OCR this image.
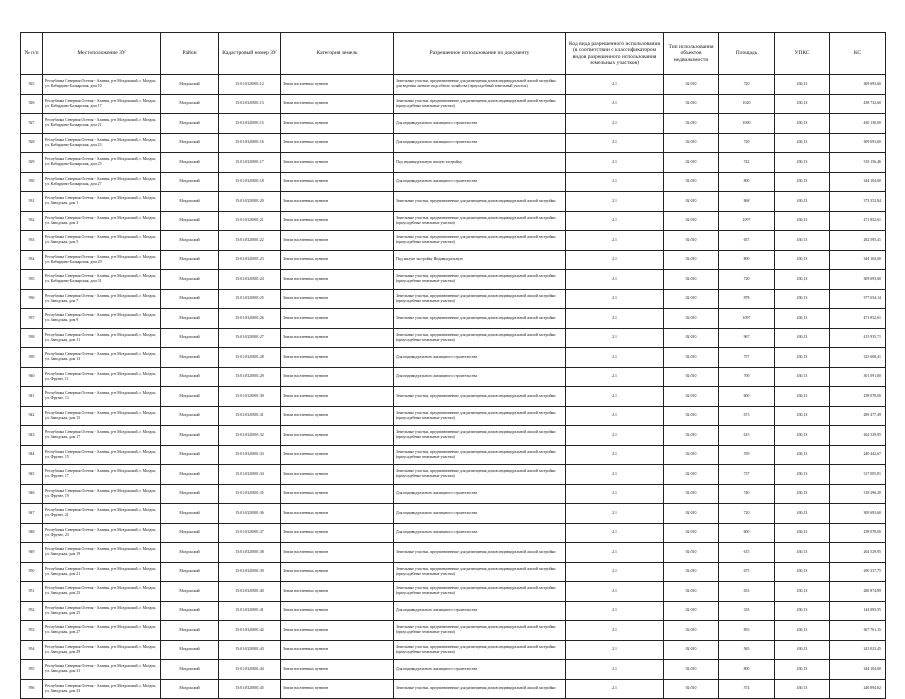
№ п/п	Местоположение ЗУ	Район	Кадастровый номер ЗУ	Категория земель	Разрешенное использование по документу	Код вида разрешенного использования (в соответствии с классификатором видов разрешенного использования земельных участков)	Тип использования объектов недвижимости	Площадь	УПКС	КС
925	Республика Северная Осетия - Алания, р-н Моздокский, г. Моздок, ул. Кабардино-Балкарская, дом 10	Моздокский	15:01:0320001:12	Земли населенных пунктов	Земельные участки, предназначенные для размещения домов индивидуальной жилой застройки, для ведения личного подсобного хозяйства (приусадебный земельный участок)	2.1	02:010	720	430,13	309 693,60
926	Республика Северная Осетия - Алания, р-н Моздокский, г. Моздок, ул. Кабардино-Балкарская, дом 17	Моздокский	15:01:0320001:13	Земли населенных пунктов	Земельные участки, предназначенные для размещения домов индивидуальной жилой застройки (приусадебные земельные участки)	2.1	02:010	1020	430,13	438 732,60
927	Республика Северная Осетия - Алания, р-н Моздокский, г. Моздок, ул. Кабардино-Балкарская, дом 21	Моздокский	15:01:0320001:15	Земли населенных пунктов	Для индивидуального жилищного строительства	2.1	02:010	1000	430,13	430 130,00
928	Республика Северная Осетия - Алания, р-н Моздокский, г. Моздок, ул. Кабардино-Балкарская, дом 23	Моздокский	15:01:0320001:16	Земли населенных пунктов	Для индивидуального жилищного строительства	2.1	02:010	720	430,13	309 693,60
929	Республика Северная Осетия - Алания, р-н Моздокский, г. Моздок, ул. Кабардино-Балкарская, дом 25	Моздокский	15:01:0320001:17	Земли населенных пунктов	Под индивидуальную жилую застройку	2.1	02:010	742	430,13	319 156,46
930	Республика Северная Осетия - Алания, р-н Моздокский, г. Моздок, ул. Кабардино-Балкарская, дом 27	Моздокский	15:01:0320001:18	Земли населенных пунктов	Для индивидуального жилищного строительства	2.1	02:010	800	430,13	344 104,00
931	Республика Северная Осетия - Алания, р-н Моздокский, г. Моздок, ул. Заводская, дом 1	Моздокский	15:01:0320001:20	Земли населенных пунктов	Земельные участки, предназначенные для размещения домов индивидуальной жилой застройки	2.1	02:010	868	430,13	373 352,84
932	Республика Северная Осетия - Алания, р-н Моздокский, г. Моздок, ул. Заводская, дом 3	Моздокский	15:01:0320001:21	Земли населенных пунктов	Земельные участки, предназначенные для размещения домов индивидуальной жилой застройки (приусадебные земельные участки)	2.1	02:010	1097	430,13	471 852,61
933	Республика Северная Осетия - Алания, р-н Моздокский, г. Моздок, ул. Заводская, дом 5	Моздокский	15:01:0320001:22	Земли населенных пунктов	Земельные участки, предназначенные для размещения домов индивидуальной жилой застройки (приусадебные земельные участки)	2.1	02:010	657	430,13	282 595,41
934	Республика Северная Осетия - Алания, р-н Моздокский, г. Моздок, ул. Кабардино-Балкарская, дом 29	Моздокский	15:01:0320001:23	Земли населенных пунктов	Под жилую застройку Индивидуальную	2.1	02:010	800	430,13	344 104,00
935	Республика Северная Осетия - Алания, р-н Моздокский, г. Моздок, ул. Кабардино-Балкарская, дом 31	Моздокский	15:01:0320001:24	Земли населенных пунктов	Земельные участки, предназначенные для размещения домов индивидуальной жилой застройки (приусадебные земельные участки)	2.1	02:010	720	430,13	309 693,60
936	Республика Северная Осетия - Алания, р-н Моздокский, г. Моздок, ул. Заводская, дом 7	Моздокский	15:01:0320001:25	Земли населенных пунктов	Земельные участки, предназначенные для размещения домов индивидуальной жилой застройки (приусадебные земельные участки)	2.1	02:010	878	430,13	377 654,14
937	Республика Северная Осетия - Алания, р-н Моздокский, г. Моздок, ул. Заводская, дом 9	Моздокский	15:01:0320001:26	Земли населенных пунктов	Земельные участки, предназначенные для размещения домов индивидуальной жилой застройки	2.1	02:010	1097	430,13	471 852,61
938	Республика Северная Осетия - Алания, р-н Моздокский, г. Моздок, ул. Заводская, дом 11	Моздокский	15:01:0320001:27	Земли населенных пунктов	Земельные участки, предназначенные для размещения домов индивидуальной жилой застройки (приусадебные земельные участки)	2.1	02:010	967	430,13	415 935,71
939	Республика Северная Осетия - Алания, р-н Моздокский, г. Моздок, ул. Заводская, дом 13	Моздокский	15:01:0320001:28	Земли населенных пунктов	Для индивидуального жилищного строительства	2.1	02:010	757	430,13	325 608,41
940	Республика Северная Осетия - Алания, р-н Моздокский, г. Моздок, ул. Фрунзе, 11	Моздокский	15:01:0320001:29	Земли населенных пунктов	Для индивидуального жилищного строительства	2.1	02:010	700	430,13	301 091,00
941	Республика Северная Осетия - Алания, р-н Моздокский, г. Моздок, ул. Фрунзе, 13	Моздокский	15:01:0320001:30	Земли населенных пунктов	Земельные участки, предназначенные для размещения домов индивидуальной жилой застройки	2.1	02:010	600	430,13	258 078,00
942	Республика Северная Осетия - Алания, р-н Моздокский, г. Моздок, ул. Заводская, дом 15	Моздокский	15:01:0320001:31	Земли населенных пунктов	Земельные участки, предназначенные для размещения домов индивидуальной жилой застройки (приусадебные земельные участки)	2.1	02:010	673	430,13	289 477,49
943	Республика Северная Осетия - Алания, р-н Моздокский, г. Моздок, ул. Заводская, дом 17	Моздокский	15:01:0320001:32	Земли населенных пунктов	Земельные участки, предназначенные для размещения домов индивидуальной жилой застройки (приусадебные земельные участки)	2.1	02:010	615	430,13	264 529,95
944	Республика Северная Осетия - Алания, р-н Моздокский, г. Моздок, ул. Фрунзе, 15	Моздокский	15:01:0320001:33	Земли населенных пунктов	Земельные участки, предназначенные для размещения домов индивидуальной жилой застройки (приусадебные земельные участки)	2.1	02:010	559	430,13	240 442,67
945	Республика Северная Осетия - Алания, р-н Моздокский, г. Моздок, ул. Фрунзе, 17	Моздокский	15:01:0320001:34	Земли населенных пунктов	Земельные участки, предназначенные для размещения домов индивидуальной жилой застройки (приусадебные земельные участки)	2.1	02:010	737	430,13	317 005,81
946	Республика Северная Осетия - Алания, р-н Моздокский, г. Моздок, ул. Фрунзе, 19	Моздокский	15:01:0320001:35	Земли населенных пунктов	Для индивидуального жилищного строительства	2.1	02:010	740	430,13	318 296,20
947	Республика Северная Осетия - Алания, р-н Моздокский, г. Моздок, ул. Фрунзе, 21	Моздокский	15:01:0320001:36	Земли населенных пунктов	Для индивидуального жилищного строительства	2.1	02:010	720	430,13	309 693,60
948	Республика Северная Осетия - Алания, р-н Моздокский, г. Моздок, ул. Фрунзе, 23	Моздокский	15:01:0320001:37	Земли населенных пунктов	Для индивидуального жилищного строительства	2.1	02:010	600	430,13	258 078,00
949	Республика Северная Осетия - Алания, р-н Моздокский, г. Моздок, ул. Заводская, дом 19	Моздокский	15:01:0320001:38	Земли населенных пунктов	Земельные участки, предназначенные для размещения домов индивидуальной жилой застройки	2.1	02:010	615	430,13	264 529,95
950	Республика Северная Осетия - Алания, р-н Моздокский, г. Моздок, ул. Заводская, дом 21	Моздокский	15:01:0320001:39	Земли населенных пунктов	Земельные участки, предназначенные для размещения домов индивидуальной жилой застройки (приусадебные земельные участки)	2.1	02:010	675	430,13	290 337,75
951	Республика Северная Осетия - Алания, р-н Моздокский, г. Моздок, ул. Заводская, дом 23	Моздокский	15:01:0320001:40	Земли населенных пунктов	Земельные участки, предназначенные для размещения домов индивидуальной жилой застройки (приусадебные земельные участки)	2.1	02:010	653	430,13	280 874,89
952	Республика Северная Осетия - Алания, р-н Моздокский, г. Моздок, ул. Заводская, дом 25	Моздокский	15:01:0320001:41	Земли населенных пунктов	Для индивидуального жилищного строительства	2.1	02:010	335	430,13	144 093,55
953	Республика Северная Осетия - Алания, р-н Моздокский, г. Моздок, ул. Заводская, дом 27	Моздокский	15:01:0320001:42	Земли населенных пунктов	Земельные участки, предназначенные для размещения домов индивидуальной жилой застройки (приусадебные земельные участки)	2.1	02:010	855	430,13	367 761,15
954	Республика Северная Осетия - Алания, р-н Моздокский, г. Моздок, ул. Заводская, дом 29	Моздокский	15:01:0320001:43	Земли населенных пунктов	Земельные участки, предназначенные для размещения домов индивидуальной жилой застройки (приусадебные земельные участки)	2.1	02:010	565	430,13	243 023,45
955	Республика Северная Осетия - Алания, р-н Моздокский, г. Моздок, ул. Заводская, дом 31	Моздокский	15:01:0320001:44	Земли населенных пунктов	Для индивидуального жилищного строительства	2.1	02:010	800	430,13	344 104,00
956	Республика Северная Осетия - Алания, р-н Моздокский, г. Моздок, ул. Заводская, дом 33	Моздокский	15:01:0320001:45	Земли населенных пунктов	Земельные участки, предназначенные для размещения домов индивидуальной жилой застройки	2.1	02:010	574	430,13	246 894,62
